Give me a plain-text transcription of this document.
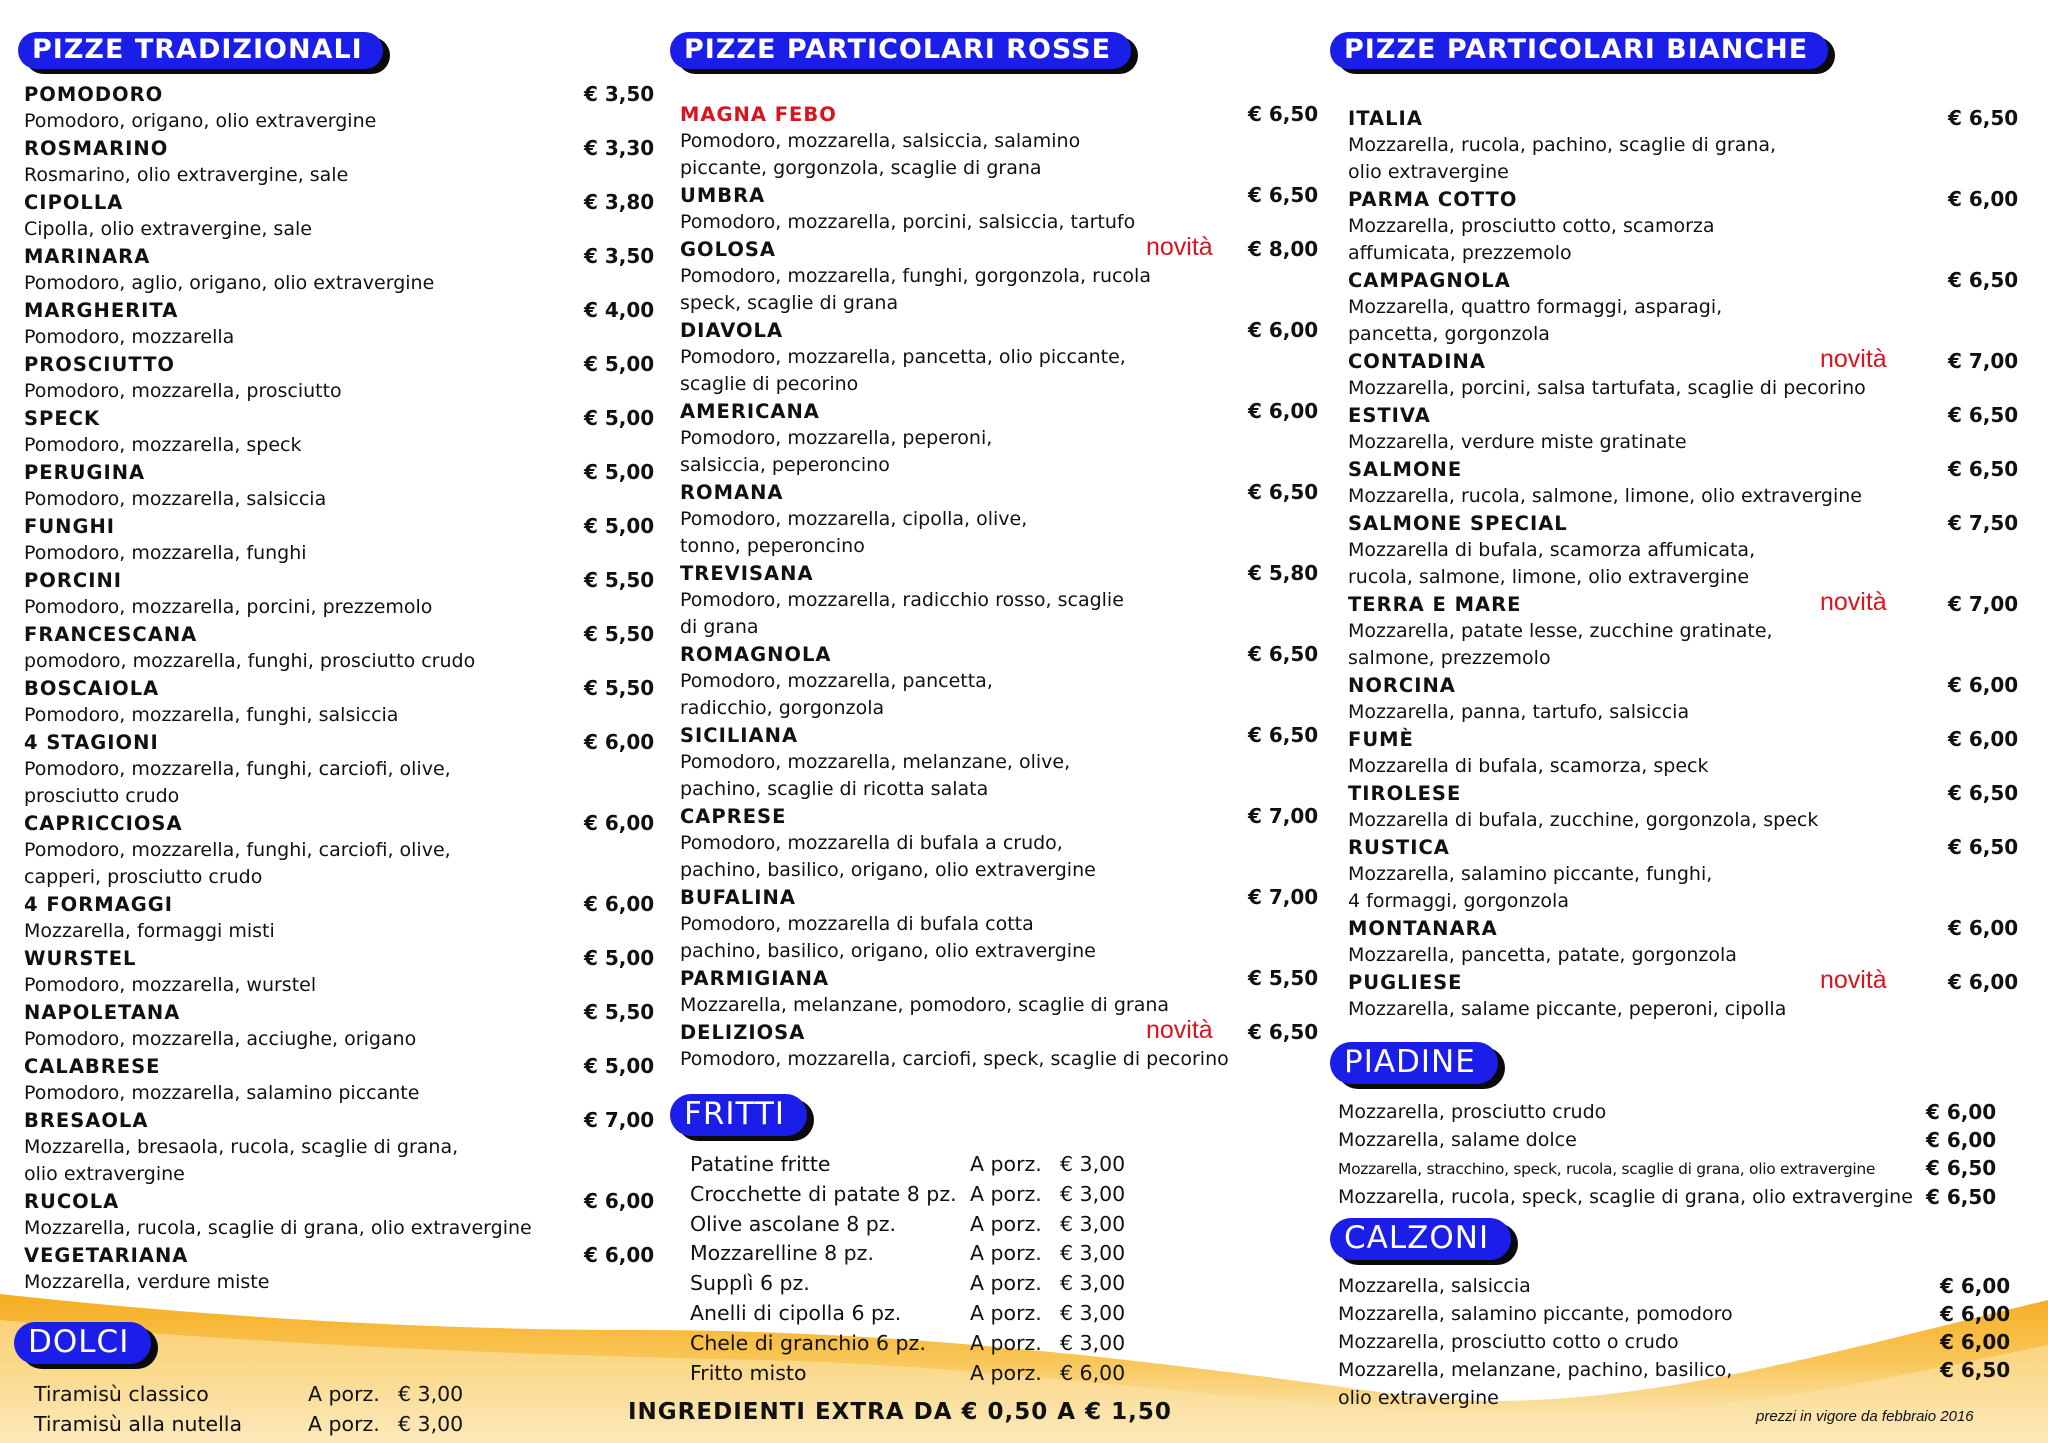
PIZZE TRADIZIONALI
POMODORO	€ 3,50
Pomodoro, origano, olio extravergine
ROSMARINO	€ 3,30
Rosmarino, olio extravergine, sale
CIPOLLA	€ 3,80
Cipolla, olio extravergine, sale
MARINARA	€ 3,50
Pomodoro, aglio, origano, olio extravergine
MARGHERITA	€ 4,00
Pomodoro, mozzarella
PROSCIUTTO	€ 5,00
Pomodoro, mozzarella, prosciutto
SPECK	€ 5,00
Pomodoro, mozzarella, speck
PERUGINA	€ 5,00
Pomodoro, mozzarella, salsiccia
FUNGHI	€ 5,00
Pomodoro, mozzarella, funghi
PORCINI	€ 5,50
Pomodoro, mozzarella, porcini, prezzemolo
FRANCESCANA	€ 5,50
pomodoro, mozzarella, funghi, prosciutto crudo
BOSCAIOLA	€ 5,50
Pomodoro, mozzarella, funghi, salsiccia
4 STAGIONI	€ 6,00
Pomodoro, mozzarella, funghi, carciofi, olive,
prosciutto crudo
CAPRICCIOSA	€ 6,00
Pomodoro, mozzarella, funghi, carciofi, olive,
capperi, prosciutto crudo
4 FORMAGGI	€ 6,00
Mozzarella, formaggi misti
WURSTEL	€ 5,00
Pomodoro, mozzarella, wurstel
NAPOLETANA	€ 5,50
Pomodoro, mozzarella, acciughe, origano
CALABRESE	€ 5,00
Pomodoro, mozzarella, salamino piccante
BRESAOLA	€ 7,00
Mozzarella, bresaola, rucola, scaglie di grana,
olio extravergine
RUCOLA	€ 6,00
Mozzarella, rucola, scaglie di grana, olio extravergine
VEGETARIANA	€ 6,00
Mozzarella, verdure miste
PIZZE PARTICOLARI ROSSE
MAGNA FEBO	€ 6,50
Pomodoro, mozzarella, salsiccia, salamino
piccante, gorgonzola, scaglie di grana
UMBRA	€ 6,50
Pomodoro, mozzarella, porcini, salsiccia, tartufo
GOLOSA	€ 8,00
novità
Pomodoro, mozzarella, funghi, gorgonzola, rucola
speck, scaglie di grana
DIAVOLA	€ 6,00
Pomodoro, mozzarella, pancetta, olio piccante,
scaglie di pecorino
AMERICANA	€ 6,00
Pomodoro, mozzarella, peperoni,
salsiccia, peperoncino
ROMANA	€ 6,50
Pomodoro, mozzarella, cipolla, olive,
tonno, peperoncino
TREVISANA	€ 5,80
Pomodoro, mozzarella, radicchio rosso, scaglie
di grana
ROMAGNOLA	€ 6,50
Pomodoro, mozzarella, pancetta,
radicchio, gorgonzola
SICILIANA	€ 6,50
Pomodoro, mozzarella, melanzane, olive,
pachino, scaglie di ricotta salata
CAPRESE	€ 7,00
Pomodoro, mozzarella di bufala a crudo,
pachino, basilico, origano, olio extravergine
BUFALINA	€ 7,00
Pomodoro, mozzarella di bufala cotta
pachino, basilico, origano, olio extravergine
PARMIGIANA	€ 5,50
Mozzarella, melanzane, pomodoro, scaglie di grana
DELIZIOSA	€ 6,50
novità
Pomodoro, mozzarella, carciofi, speck, scaglie di pecorino
FRITTI
Patatine fritte	A porz. € 3,00
Crocchette di patate 8 pz. A porz. € 3,00
Olive ascolane 8 pz.	A porz. € 3,00
Mozzarelline 8 pz.	A porz. € 3,00
Supplì 6 pz.	A porz. € 3,00
Anelli di cipolla 6 pz.	A porz. € 3,00
Chele di granchio 6 pz. A porz. € 3,00
Fritto misto	A porz. € 6,00
DOLCI
Tiramisù classico	A porz. € 3,00
Tiramisù alla nutella	A porz. € 3,00
PIZZE PARTICOLARI BIANCHE
ITALIA	€ 6,50
Mozzarella, rucola, pachino, scaglie di grana,
olio extravergine
PARMA COTTO	€ 6,00
Mozzarella, prosciutto cotto, scamorza
affumicata, prezzemolo
CAMPAGNOLA	€ 6,50
Mozzarella, quattro formaggi, asparagi,
pancetta, gorgonzola
CONTADINA	€ 7,00
novità
Mozzarella, porcini, salsa tartufata, scaglie di pecorino
ESTIVA	€ 6,50
Mozzarella, verdure miste gratinate
SALMONE	€ 6,50
Mozzarella, rucola, salmone, limone, olio extravergine
SALMONE SPECIAL	€ 7,50
Mozzarella di bufala, scamorza affumicata,
rucola, salmone, limone, olio extravergine
TERRA E MARE	€ 7,00
novità
Mozzarella, patate lesse, zucchine gratinate,
salmone, prezzemolo
NORCINA	€ 6,00
Mozzarella, panna, tartufo, salsiccia
FUMÈ	€ 6,00
Mozzarella di bufala, scamorza, speck
TIROLESE	€ 6,50
Mozzarella di bufala, zucchine, gorgonzola, speck
RUSTICA	€ 6,50
Mozzarella, salamino piccante, funghi,
4 formaggi, gorgonzola
MONTANARA	€ 6,00
Mozzarella, pancetta, patate, gorgonzola
PUGLIESE	€ 6,00
novità
Mozzarella, salame piccante, peperoni, cipolla
PIADINE
Mozzarella, prosciutto crudo	€ 6,00
Mozzarella, salame dolce	€ 6,00
Mozzarella, stracchino, speck, rucola, scaglie di grana, olio extravergine	€ 6,50
Mozzarella, rucola, speck, scaglie di grana, olio extravergine € 6,50
CALZONI
Mozzarella, salsiccia	€ 6,00
Mozzarella, salamino piccante, pomodoro	€ 6,00
Mozzarella, prosciutto cotto o crudo	€ 6,00
Mozzarella, melanzane, pachino, basilico,
olio extravergine
€ 6,50
INGREDIENTI EXTRA DA € 0,50 A € 1,50	prezzi in vigore da febbraio 2016
